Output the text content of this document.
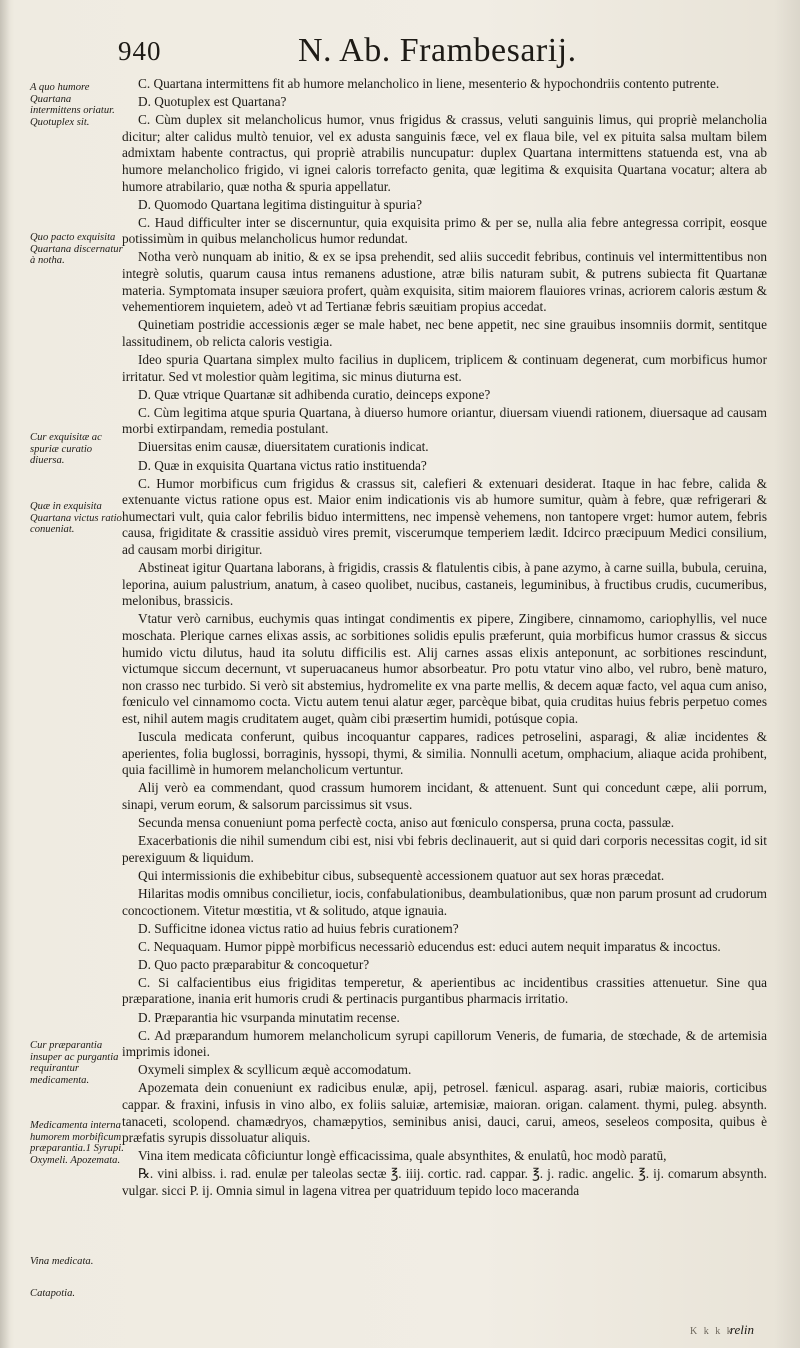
940	N. Ab. Frambesarij.
A quo humore Quartana intermittens oriatur. Quotuplex sit.
Quo pacto exquisita Quartana discernatur à notha.
Cur exquisitæ ac spuriæ curatio diuersa.
Quæ in exquisita Quartana victus ratio conueniat.
Cur præparantia insuper ac purgantia requirantur medicamenta.
Medicamenta interna humorem morbificum præparantia.1 Syrupi. Oxymeli. Apozemata.
Vina medicata.
Catapotia.

C. Quartana intermittens fit ab humore melancholico in liene, mesenterio & hypochondriis contento putrente.

D. Quotuplex est Quartana?

C. Cùm duplex sit melancholicus humor, vnus frigidus & crassus, veluti sanguinis limus, qui propriè melancholia dicitur; alter calidus multò tenuior, vel ex adusta sanguinis fæce, vel ex flaua bile, vel ex pituita salsa multam bilem admixtam habente contractus, qui propriè atrabilis nuncupatur: duplex Quartana intermittens statuenda est, vna ab humore melancholico frigido, vi ignei caloris torrefacto genita, quæ legitima & exquisita Quartana vocatur; altera ab humore atrabilario, quæ notha & spuria appellatur.

D. Quomodo Quartana legitima distinguitur à spuria?

C. Haud difficulter inter se discernuntur, quia exquisita primo & per se, nulla alia febre antegressa corripit, eosque potissimùm in quibus melancholicus humor redundat.

Notha verò nunquam ab initio, & ex se ipsa prehendit, sed aliis succedit febribus, continuis vel intermittentibus non integrè solutis, quarum causa intus remanens adustione, atræ bilis naturam subit, & putrens subiecta fit Quartanæ materia. Symptomata insuper sæuiora profert, quàm exquisita, sitim maiorem flauiores vrinas, acriorem caloris æstum & vehementiorem inquietem, adeò vt ad Tertianæ febris sæuitiam propius accedat.

Quinetiam postridie accessionis æger se male habet, nec bene appetit, nec sine grauibus insomniis dormit, sentitque lassitudinem, ob relicta caloris vestigia.

Ideo spuria Quartana simplex multo facilius in duplicem, triplicem & continuam degenerat, cum morbificus humor irritatur. Sed vt molestior quàm legitima, sic minus diuturna est.

D. Quæ vtrique Quartanæ sit adhibenda curatio, deinceps expone?

C. Cùm legitima atque spuria Quartana, à diuerso humore oriantur, diuersam viuendi rationem, diuersaque ad causam morbi extirpandam, remedia postulant.

Diuersitas enim causæ, diuersitatem curationis indicat.

D. Quæ in exquisita Quartana victus ratio instituenda?

C. Humor morbificus cum frigidus & crassus sit, calefieri & extenuari desiderat. Itaque in hac febre, calida & extenuante victus ratione opus est. Maior enim indicationis vis ab humore sumitur, quàm à febre, quæ refrigerari & humectari vult, quia calor febrilis biduo intermittens, nec impensè vehemens, non tantopere vrget: humor autem, febris causa, frigiditate & crassitie assiduò vires premit, viscerumque temperiem lædit. Idcirco præcipuum Medici consilium, ad causam morbi dirigitur.

Abstineat igitur Quartana laborans, à frigidis, crassis & flatulentis cibis, à pane azymo, à carne suilla, bubula, ceruina, leporina, auium palustrium, anatum, à caseo quolibet, nucibus, castaneis, leguminibus, à fructibus crudis, cucumeribus, melonibus, brassicis.

Vtatur verò carnibus, euchymis quas intingat condimentis ex pipere, Zingibere, cinnamomo, cariophyllis, vel nuce moschata. Plerique carnes elixas assis, ac sorbitiones solidis epulis præferunt, quia morbificus humor crassus & siccus humido victu dilutus, haud ita solutu difficilis est. Alij carnes assas elixis anteponunt, ac sorbitiones rescindunt, victumque siccum decernunt, vt superuacaneus humor absorbeatur. Pro potu vtatur vino albo, vel rubro, benè maturo, non crasso nec turbido. Si verò sit abstemius, hydromelite ex vna parte mellis, & decem aquæ facto, vel aqua cum aniso, fœniculo vel cinnamomo cocta. Victu autem tenui alatur æger, parcèque bibat, quia cruditas huius febris perpetuo comes est, nihil autem magis cruditatem auget, quàm cibi præsertim humidi, potúsque copia.

Iuscula medicata conferunt, quibus incoquantur cappares, radices petroselini, asparagi, & aliæ incidentes & aperientes, folia buglossi, borraginis, hyssopi, thymi, & similia. Nonnulli acetum, omphacium, aliaque acida prohibent, quia facillimè in humorem melancholicum vertuntur.

Alij verò ea commendant, quod crassum humorem incidant, & attenuent. Sunt qui concedunt cæpe, alii porrum, sinapi, verum eorum, & salsorum parcissimus sit vsus.

Secunda mensa conueniunt poma perfectè cocta, aniso aut fœniculo conspersa, pruna cocta, passulæ.

Exacerbationis die nihil sumendum cibi est, nisi vbi febris declinauerit, aut si quid dari corporis necessitas cogit, id sit perexiguum & liquidum.

Qui intermissionis die exhibebitur cibus, subsequentè accessionem quatuor aut sex horas præcedat.

Hilaritas modis omnibus concilietur, iocis, confabulationibus, deambulationibus, quæ non parum prosunt ad crudorum concoctionem. Vitetur mœstitia, vt & solitudo, atque ignauia.

D. Sufficitne idonea victus ratio ad huius febris curationem?

C. Nequaquam. Humor pippè morbificus necessariò educendus est: educi autem nequit imparatus & incoctus.

D. Quo pacto præparabitur & concoquetur?

C. Si calfacientibus eius frigiditas temperetur, & aperientibus ac incidentibus crassities attenuetur. Sine qua præparatione, inania erit humoris crudi & pertinacis purgantibus pharmacis irritatio.

D. Præparantia hic vsurpanda minutatim recense.

C. Ad præparandum humorem melancholicum syrupi capillorum Veneris, de fumaria, de stœchade, & de artemisia imprimis idonei.

Oxymeli simplex & scyllicum æquè accomodatum.

Apozemata dein conueniunt ex radicibus enulæ, apij, petrosel. fænicul. asparag. asari, rubiæ maioris, corticibus cappar. & fraxini, infusis in vino albo, ex foliis saluiæ, artemisiæ, maioran. origan. calament. thymi, puleg. absynth. tanaceti, scolopend. chamædryos, chamæpytios, seminibus anisi, dauci, carui, ameos, seseleos composita, quibus è præfatis syrupis dissoluatur aliquis.

Vina item medicata côficiuntur longè efficacissima, quale absynthites, & enulatû, hoc modò paratū,

℞. vini albiss. i. rad. enulæ per taleolas sectæ ℥. iiij. cortic. rad. cappar. ℥. j. radic. angelic. ℥. ij. comarum absynth. vulgar. sicci P. ij. Omnia simul in lagena vitrea per quatriduum tepido loco maceranda

K k k k
relin
